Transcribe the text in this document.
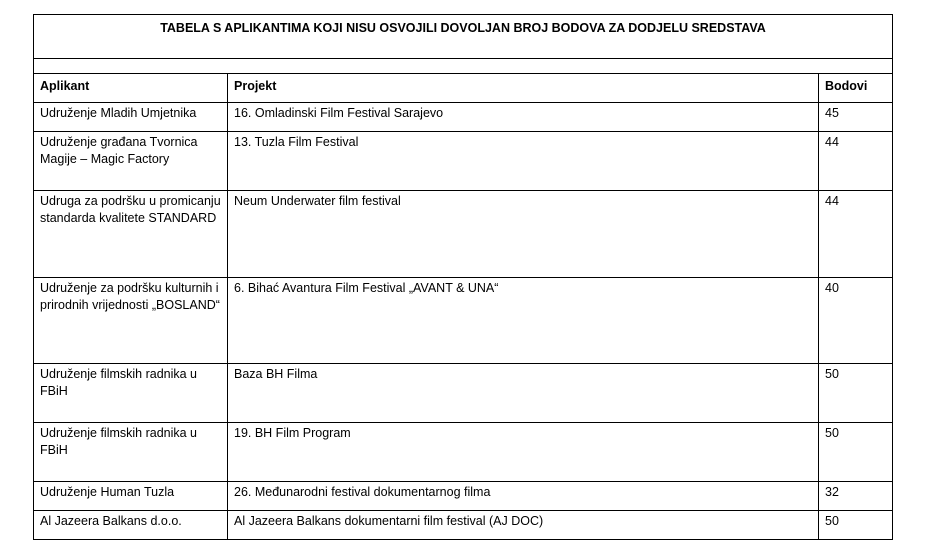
TABELA S APLIKANTIMA KOJI NISU OSVOJILI DOVOLJAN BROJ BODOVA ZA DODJELU SREDSTAVA		

Aplikant	Projekt	Bodovi
Udruženje Mladih Umjetnika	16. Omladinski Film Festival Sarajevo	45
Udruženje građana Tvornica Magije – Magic Factory	13. Tuzla Film Festival	44
Udruga za podršku u promicanju standarda kvalitete STANDARD	Neum Underwater film festival	44
Udruženje za podršku kulturnih i prirodnih vrijednosti „BOSLAND“	6. Bihać Avantura Film Festival „AVANT & UNA“	40
Udruženje filmskih radnika u FBiH	Baza BH Filma	50
Udruženje filmskih radnika u FBiH	19. BH Film Program	50
Udruženje Human Tuzla	26. Međunarodni festival dokumentarnog filma	32
Al Jazeera Balkans d.o.o.	Al Jazeera Balkans dokumentarni film festival (AJ DOC)	50
